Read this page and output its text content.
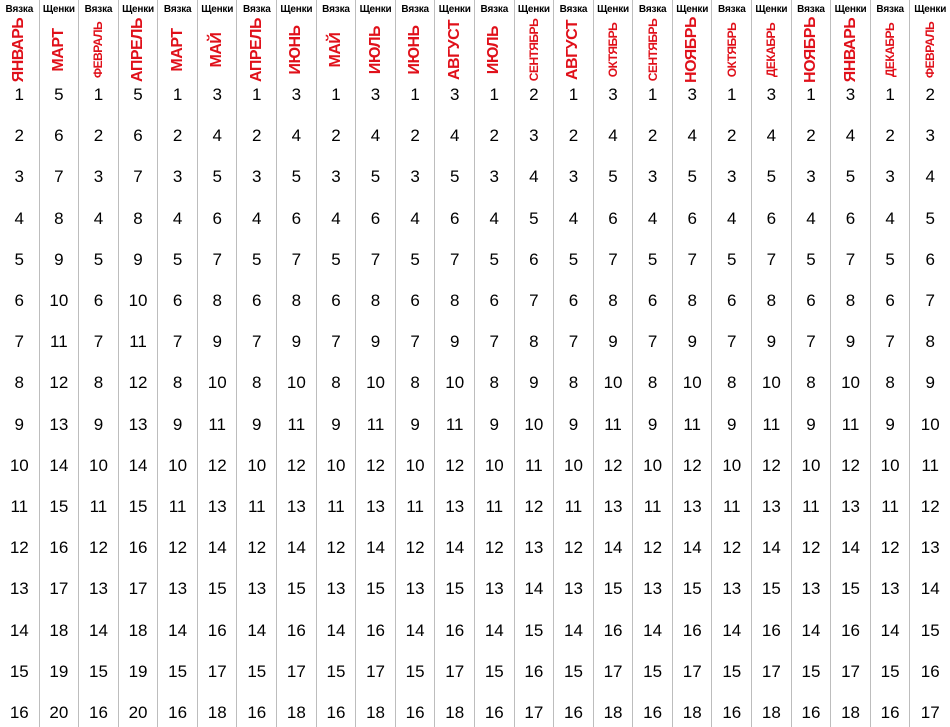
Вязка
ЯНВАРЬ
1
2
3
4
5
6
7
8
9
10
11
12
13
14
15
16
Щенки
МАРТ
5
6
7
8
9
10
11
12
13
14
15
16
17
18
19
20
Вязка
ФЕВРАЛЬ
1
2
3
4
5
6
7
8
9
10
11
12
13
14
15
16
Щенки
АПРЕЛЬ
5
6
7
8
9
10
11
12
13
14
15
16
17
18
19
20
Вязка
МАРТ
1
2
3
4
5
6
7
8
9
10
11
12
13
14
15
16
Щенки
МАЙ
3
4
5
6
7
8
9
10
11
12
13
14
15
16
17
18
Вязка
АПРЕЛЬ
1
2
3
4
5
6
7
8
9
10
11
12
13
14
15
16
Щенки
ИЮНЬ
3
4
5
6
7
8
9
10
11
12
13
14
15
16
17
18
Вязка
МАЙ
1
2
3
4
5
6
7
8
9
10
11
12
13
14
15
16
Щенки
ИЮЛЬ
3
4
5
6
7
8
9
10
11
12
13
14
15
16
17
18
Вязка
ИЮНЬ
1
2
3
4
5
6
7
8
9
10
11
12
13
14
15
16
Щенки
АВГУСТ
3
4
5
6
7
8
9
10
11
12
13
14
15
16
17
18
Вязка
ИЮЛЬ
1
2
3
4
5
6
7
8
9
10
11
12
13
14
15
16
Щенки
СЕНТЯБРЬ
2
3
4
5
6
7
8
9
10
11
12
13
14
15
16
17
Вязка
АВГУСТ
1
2
3
4
5
6
7
8
9
10
11
12
13
14
15
16
Щенки
ОКТЯБРЬ
3
4
5
6
7
8
9
10
11
12
13
14
15
16
17
18
Вязка
СЕНТЯБРЬ
1
2
3
4
5
6
7
8
9
10
11
12
13
14
15
16
Щенки
НОЯБРЬ
3
4
5
6
7
8
9
10
11
12
13
14
15
16
17
18
Вязка
ОКТЯБРЬ
1
2
3
4
5
6
7
8
9
10
11
12
13
14
15
16
Щенки
ДЕКАБРЬ
3
4
5
6
7
8
9
10
11
12
13
14
15
16
17
18
Вязка
НОЯБРЬ
1
2
3
4
5
6
7
8
9
10
11
12
13
14
15
16
Щенки
ЯНВАРЬ
3
4
5
6
7
8
9
10
11
12
13
14
15
16
17
18
Вязка
ДЕКАБРЬ
1
2
3
4
5
6
7
8
9
10
11
12
13
14
15
16
Щенки
ФЕВРАЛЬ
2
3
4
5
6
7
8
9
10
11
12
13
14
15
16
17
